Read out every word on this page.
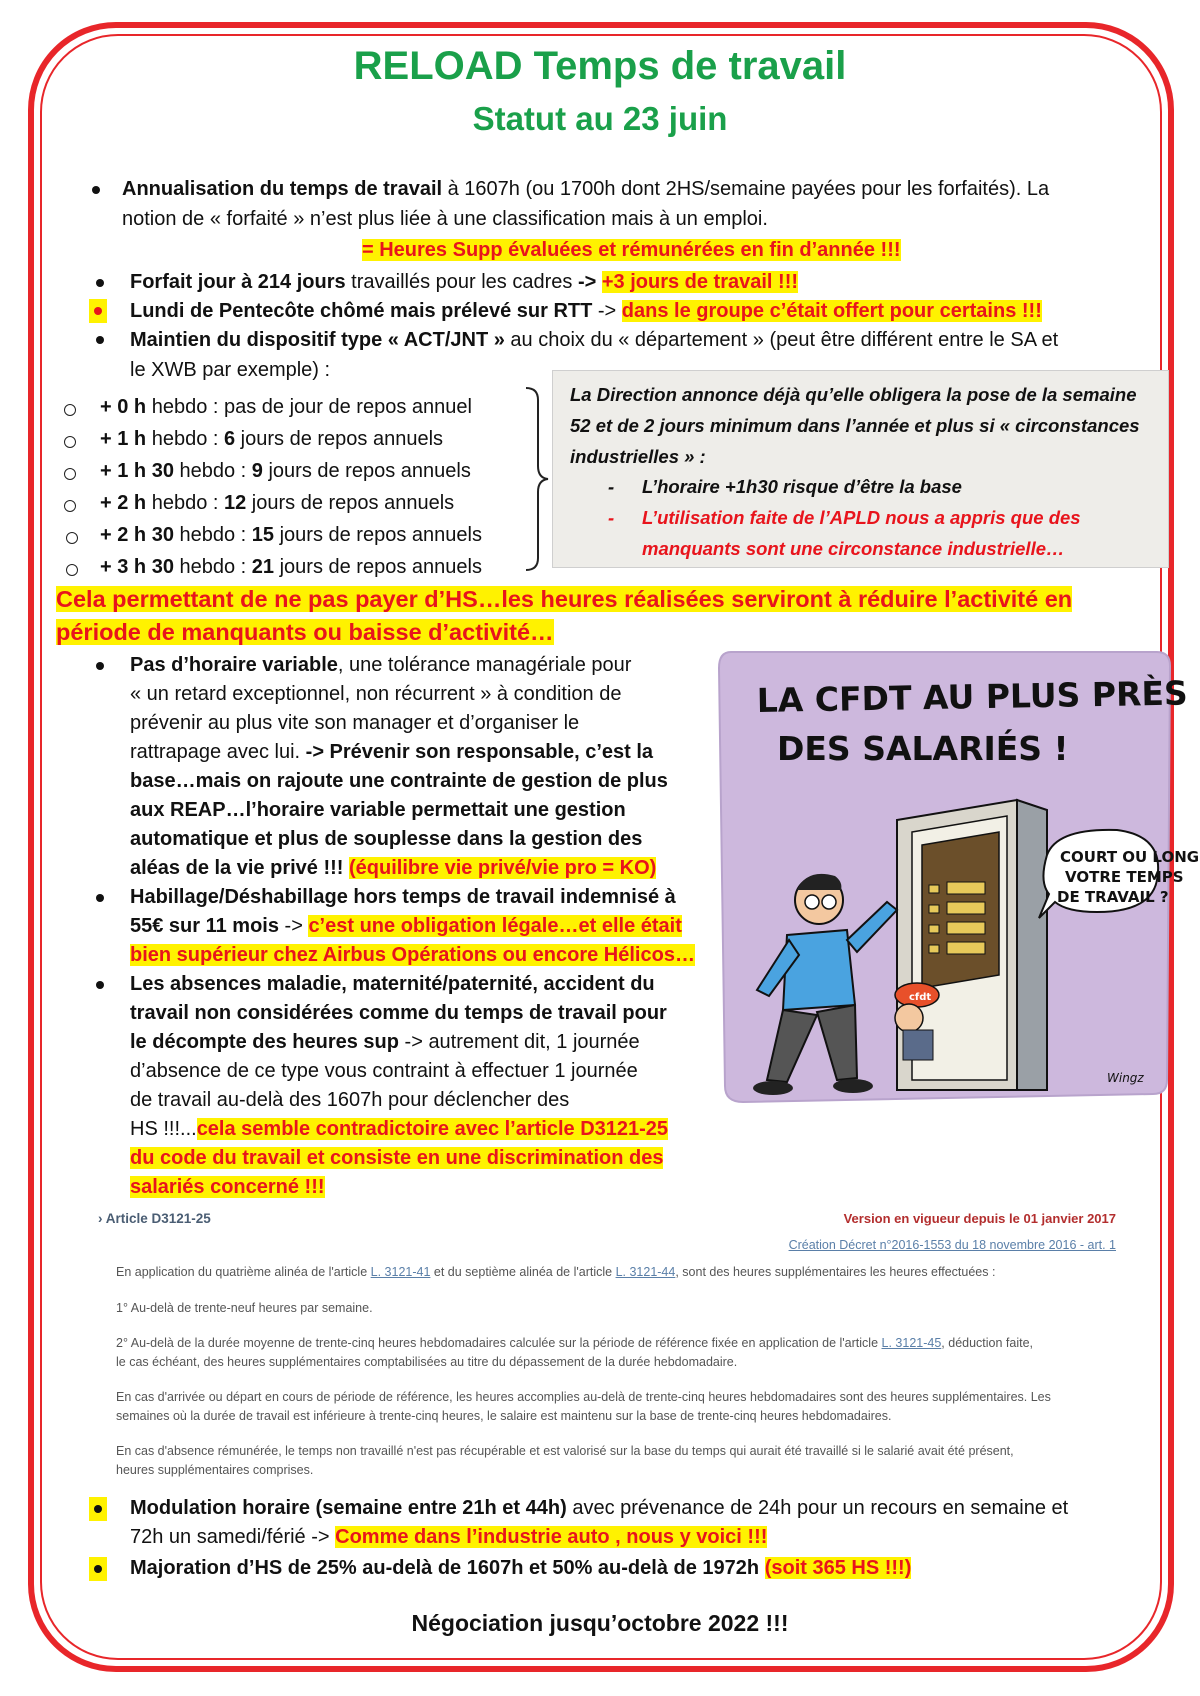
RELOAD Temps de travail
Statut au 23 juin
Annualisation du temps de travail à 1607h (ou 1700h dont 2HS/semaine payées pour les forfaités). La
notion de « forfaité » n’est plus liée à une classification mais à un emploi.
= Heures Supp évaluées et rémunérées en fin d’année !!!
Forfait jour à 214 jours travaillés pour les cadres -> +3 jours de travail !!!
Lundi de Pentecôte chômé mais prélevé sur RTT -> dans le groupe c’était offert pour certains !!!
Maintien du dispositif type « ACT/JNT » au choix du « département » (peut être différent entre le SA et
le XWB par exemple) :
+ 0 h hebdo : pas de jour de repos annuel
+ 1 h hebdo : 6 jours de repos annuels
+ 1 h 30 hebdo : 9 jours de repos annuels
+ 2 h hebdo : 12 jours de repos annuels
+ 2 h 30 hebdo : 15 jours de repos annuels
+ 3 h 30 hebdo : 21 jours de repos annuels
La Direction annonce déjà qu’elle obligera la pose de la semaine
52 et de 2 jours minimum dans l’année et plus si « circonstances
industrielles » :
- L’horaire +1h30 risque d’être la base
- L’utilisation faite de l’APLD nous a appris que des
manquants sont une circonstance industrielle…
Cela permettant de ne pas payer d’HS…les heures réalisées serviront à réduire l’activité en
période de manquants ou baisse d’activité…
Pas d’horaire variable, une tolérance managériale pour
« un retard exceptionnel, non récurrent » à condition de
prévenir au plus vite son manager et d’organiser le
rattrapage avec lui. -> Prévenir son responsable, c’est la
base…mais on rajoute une contrainte de gestion de plus
aux REAP…l’horaire variable permettait une gestion
automatique et plus de souplesse dans la gestion des
aléas de la vie privé !!! (équilibre vie privé/vie pro = KO)
Habillage/Déshabillage hors temps de travail indemnisé à
55€ sur 11 mois -> c’est une obligation légale…et elle était
bien supérieur chez Airbus Opérations ou encore Hélicos…
Les absences maladie, maternité/paternité, accident du
travail non considérées comme du temps de travail pour
le décompte des heures sup -> autrement dit, 1 journée
d’absence de ce type vous contraint à effectuer 1 journée
de travail au-delà des 1607h pour déclencher des
HS !!!...cela semble contradictoire avec l’article D3121-25
du code du travail et consiste en une discrimination des
salariés concerné !!!
LA CFDT AU PLUS PRÈS
DES SALARIÉS !
cfdt
COURT OU LONG
VOTRE TEMPS
DE TRAVAIL ?
Wingz
› Article D3121-25	Version en vigueur depuis le 01 janvier 2017
Création Décret n°2016-1553 du 18 novembre 2016 - art. 1
En application du quatrième alinéa de l'article L. 3121-41 et du septième alinéa de l'article L. 3121-44, sont des heures supplémentaires les heures effectuées :
1° Au-delà de trente-neuf heures par semaine.
2° Au-delà de la durée moyenne de trente-cinq heures hebdomadaires calculée sur la période de référence fixée en application de l'article L. 3121-45, déduction faite,
le cas échéant, des heures supplémentaires comptabilisées au titre du dépassement de la durée hebdomadaire.
En cas d'arrivée ou départ en cours de période de référence, les heures accomplies au-delà de trente-cinq heures hebdomadaires sont des heures supplémentaires. Les
semaines où la durée de travail est inférieure à trente-cinq heures, le salaire est maintenu sur la base de trente-cinq heures hebdomadaires.
En cas d'absence rémunérée, le temps non travaillé n'est pas récupérable et est valorisé sur la base du temps qui aurait été travaillé si le salarié avait été présent,
heures supplémentaires comprises.
Modulation horaire (semaine entre 21h et 44h) avec prévenance de 24h pour un recours en semaine et
72h un samedi/férié -> Comme dans l’industrie auto , nous y voici !!!
Majoration d’HS de 25% au-delà de 1607h et 50% au-delà de 1972h (soit 365 HS !!!)
Négociation jusqu’octobre 2022 !!!
